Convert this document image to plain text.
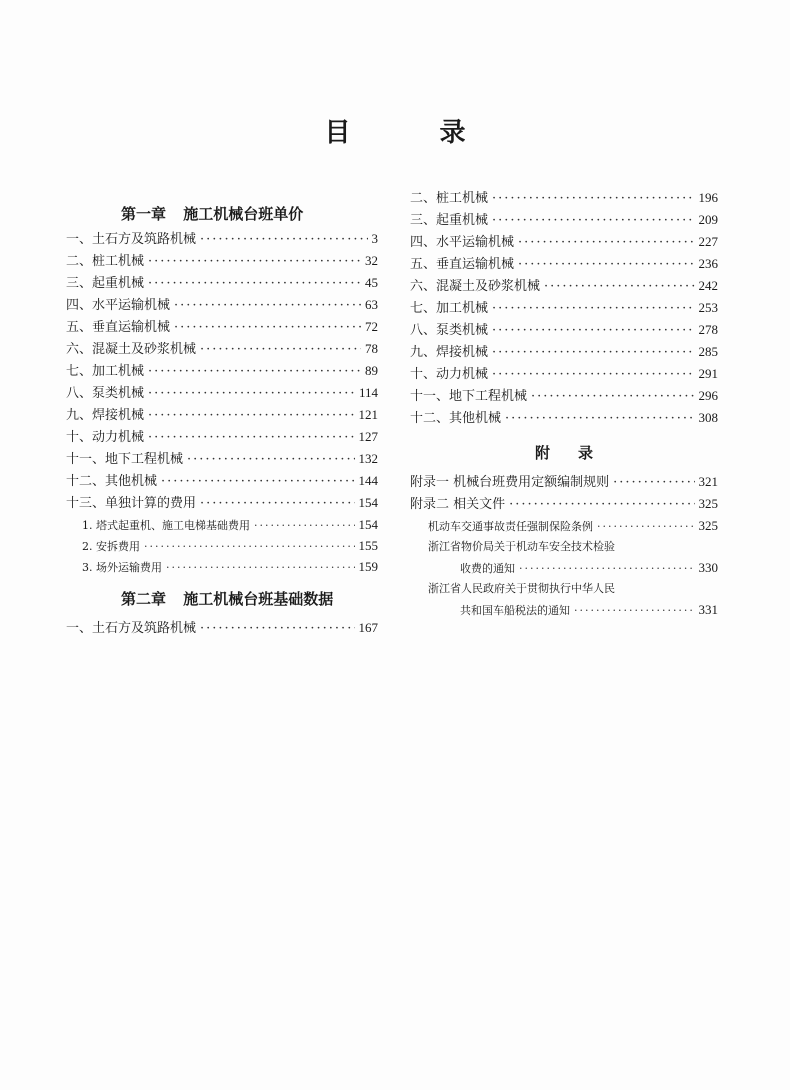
目 录
第一章 施工机械台班单价
一、土石方及筑路机械 ·····	3
二、桩工机械 ·····	32
三、起重机械 ·····	45
四、水平运输机械 ·····	63
五、垂直运输机械 ·····	72
六、混凝土及砂浆机械 ·····	78
七、加工机械 ·····	89
八、泵类机械 ·····	114
九、焊接机械 ·····	121
十、动力机械 ·····	127
十一、地下工程机械 ·····	132
十二、其他机械 ·····	144
十三、单独计算的费用 ·····	154
1. 塔式起重机、施工电梯基础费用 ·····	154
2. 安拆费用 ·····	155
3. 场外运输费用 ·····	159
第二章 施工机械台班基础数据
一、土石方及筑路机械 ·····	167
二、桩工机械 ·····	196
三、起重机械 ·····	209
四、水平运输机械 ·····	227
五、垂直运输机械 ·····	236
六、混凝土及砂浆机械 ·····	242
七、加工机械 ·····	253
八、泵类机械 ·····	278
九、焊接机械 ·····	285
十、动力机械 ·····	291
十一、地下工程机械 ·····	296
十二、其他机械 ·····	308
附录
附录一 机械台班费用定额编制规则 ·····	321
附录二 相关文件 ·····	325
机动车交通事故责任强制保险条例 ·····	325
浙江省物价局关于机动车安全技术检验
收费的通知 ·····	330
浙江省人民政府关于贯彻执行中华人民
共和国车船税法的通知 ·····	331
